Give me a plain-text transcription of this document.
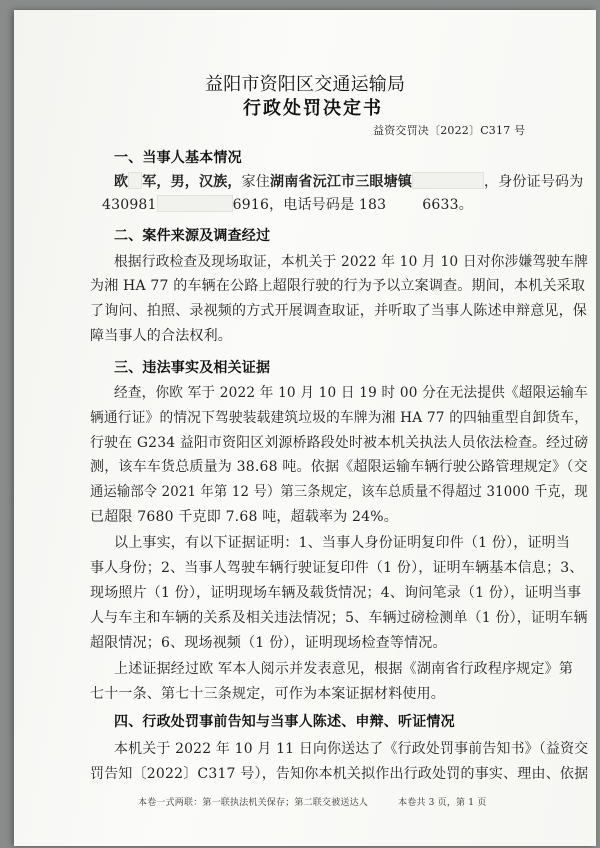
益阳市资阳区交通运输局
行政处罚决定书
益资交罚决〔2022〕C317 号
一、当事人基本情况
欧 军，男，汉族，家住湖南省沅江市三眼塘镇	，身份证号码为
430981	6916，电话号码是 183	6633。
二、案件来源及调查经过
根据行政检查及现场取证，本机关于 2022 年 10 月 10 日对你涉嫌驾驶车牌
为湘 HA 77 的车辆在公路上超限行驶的行为予以立案调查。期间，本机关采取
了询问、拍照、录视频的方式开展调查取证，并听取了当事人陈述申辩意见，保
障当事人的合法权利。
三、违法事实及相关证据
经查，你欧 军于 2022 年 10 月 10 日 19 时 00 分在无法提供《超限运输车
辆通行证》的情况下驾驶装载建筑垃圾的车牌为湘 HA 77 的四轴重型自卸货车，
行驶在 G234 益阳市资阳区刘源桥路段处时被本机关执法人员依法检查。经过磅
测，该车车货总质量为 38.68 吨。依据《超限运输车辆行驶公路管理规定》（交
通运输部令 2021 年第 12 号）第三条规定，该车总质量不得超过 31000 千克，现
已超限 7680 千克即 7.68 吨，超载率为 24%。
以上事实，有以下证据证明：1、当事人身份证明复印件（1 份），证明当
事人身份；2、当事人驾驶车辆行驶证复印件（1 份），证明车辆基本信息；3、
现场照片（1 份），证明现场车辆及载货情况；4、询问笔录（1 份），证明当事
人与车主和车辆的关系及相关违法情况；5、车辆过磅检测单（1 份），证明车辆
超限情况；6、现场视频（1 份），证明现场检查等情况。
上述证据经过欧 军本人阅示并发表意见，根据《湖南省行政程序规定》第
七十一条、第七十三条规定，可作为本案证据材料使用。
四、行政处罚事前告知与当事人陈述、申辩、听证情况
本机关于 2022 年 10 月 11 日向你送达了《行政处罚事前告知书》（益资交
罚告知〔2022〕C317 号），告知你本机关拟作出行政处罚的事实、理由、依据
本卷一式两联：第一联执法机关保存；第二联交被送达人	本卷共 3 页，第 1 页
